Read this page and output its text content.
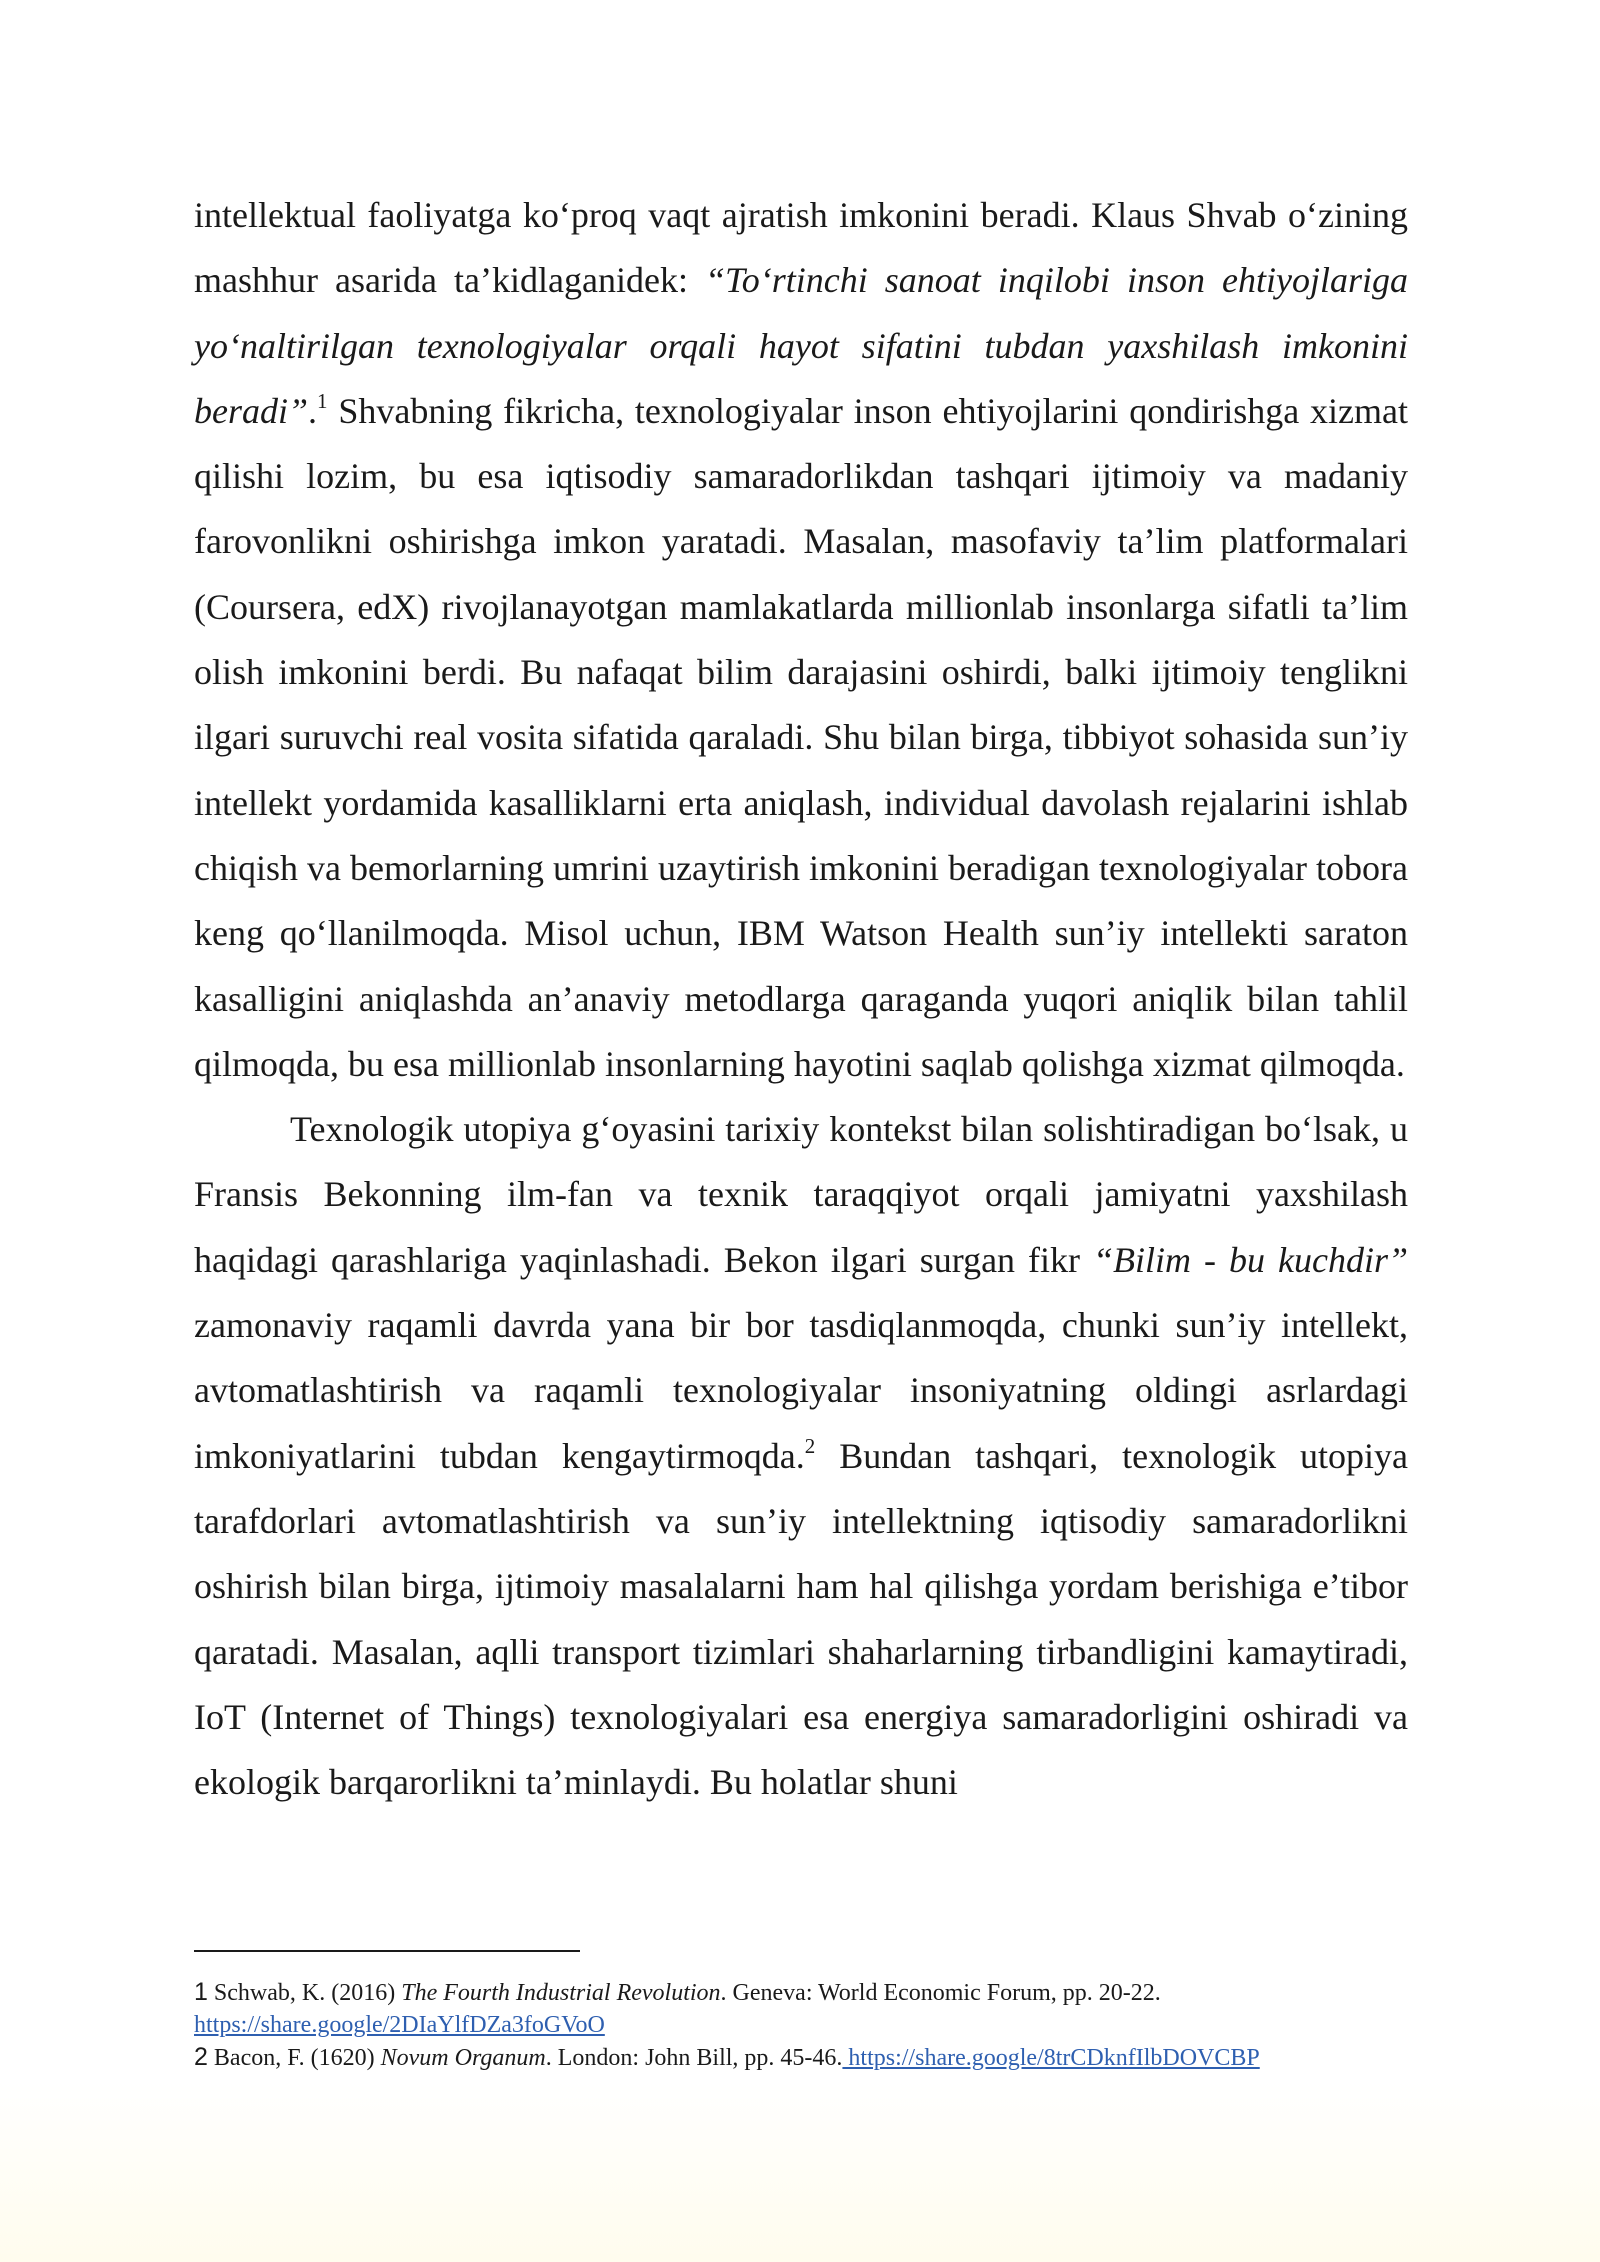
intellektual faoliyatga ko‘proq vaqt ajratish imkonini beradi. Klaus Shvab o‘zining mashhur asarida ta’kidlaganidek: “To‘rtinchi sanoat inqilobi inson ehtiyojlariga yo‘naltirilgan texnologiyalar orqali hayot sifatini tubdan yaxshilash imkonini beradi”.$^1$ Shvabning fikricha, texnologiyalar inson ehtiyojlarini qondirishga xizmat qilishi lozim, bu esa iqtisodiy samaradorlikdan tashqari ijtimoiy va madaniy farovonlikni oshirishga imkon yaratadi. Masalan, masofaviy ta’lim platformalari (Coursera, edX) rivojlanayotgan mamlakatlarda millionlab insonlarga sifatli ta’lim olish imkonini berdi. Bu nafaqat bilim darajasini oshirdi, balki ijtimoiy tenglikni ilgari suruvchi real vosita sifatida qaraladi. Shu bilan birga, tibbiyot sohasida sun’iy intellekt yordamida kasalliklarni erta aniqlash, individual davolash rejalarini ishlab chiqish va bemorlarning umrini uzaytirish imkonini beradigan texnologiyalar tobora keng qo‘llanilmoqda. Misol uchun, IBM Watson Health sun’iy intellekti saraton kasalligini aniqlashda an’anaviy metodlarga qaraganda yuqori aniqlik bilan tahlil qilmoqda, bu esa millionlab insonlarning hayotini saqlab qolishga xizmat qilmoqda.

Texnologik utopiya g‘oyasini tarixiy kontekst bilan solishtiradigan bo‘lsak, u Fransis Bekonning ilm-fan va texnik taraqqiyot orqali jamiyatni yaxshilash haqidagi qarashlariga yaqinlashadi. Bekon ilgari surgan fikr “Bilim - bu kuchdir” zamonaviy raqamli davrda yana bir bor tasdiqlanmoqda, chunki sun’iy intellekt, avtomatlashtirish va raqamli texnologiyalar insoniyatning oldingi asrlardagi imkoniyatlarini tubdan kengaytirmoqda.$^2$ Bundan tashqari, texnologik utopiya tarafdorlari avtomatlashtirish va sun’iy intellektning iqtisodiy samaradorlikni oshirish bilan birga, ijtimoiy masalalarni ham hal qilishga yordam berishiga e’tibor qaratadi. Masalan, aqlli transport tizimlari shaharlarning tirbandligini kamaytiradi, IoT (Internet of Things) texnologiyalari esa energiya samaradorligini oshiradi va ekologik barqarorlikni ta’minlaydi. Bu holatlar shuni

1 Schwab, K. (2016) The Fourth Industrial Revolution. Geneva: World Economic Forum, pp. 20-22.
https://share.google/2DIaYlfDZa3foGVoO

2 Bacon, F. (1620) Novum Organum. London: John Bill, pp. 45-46. https://share.google/8trCDknfIlbDOVCBP
